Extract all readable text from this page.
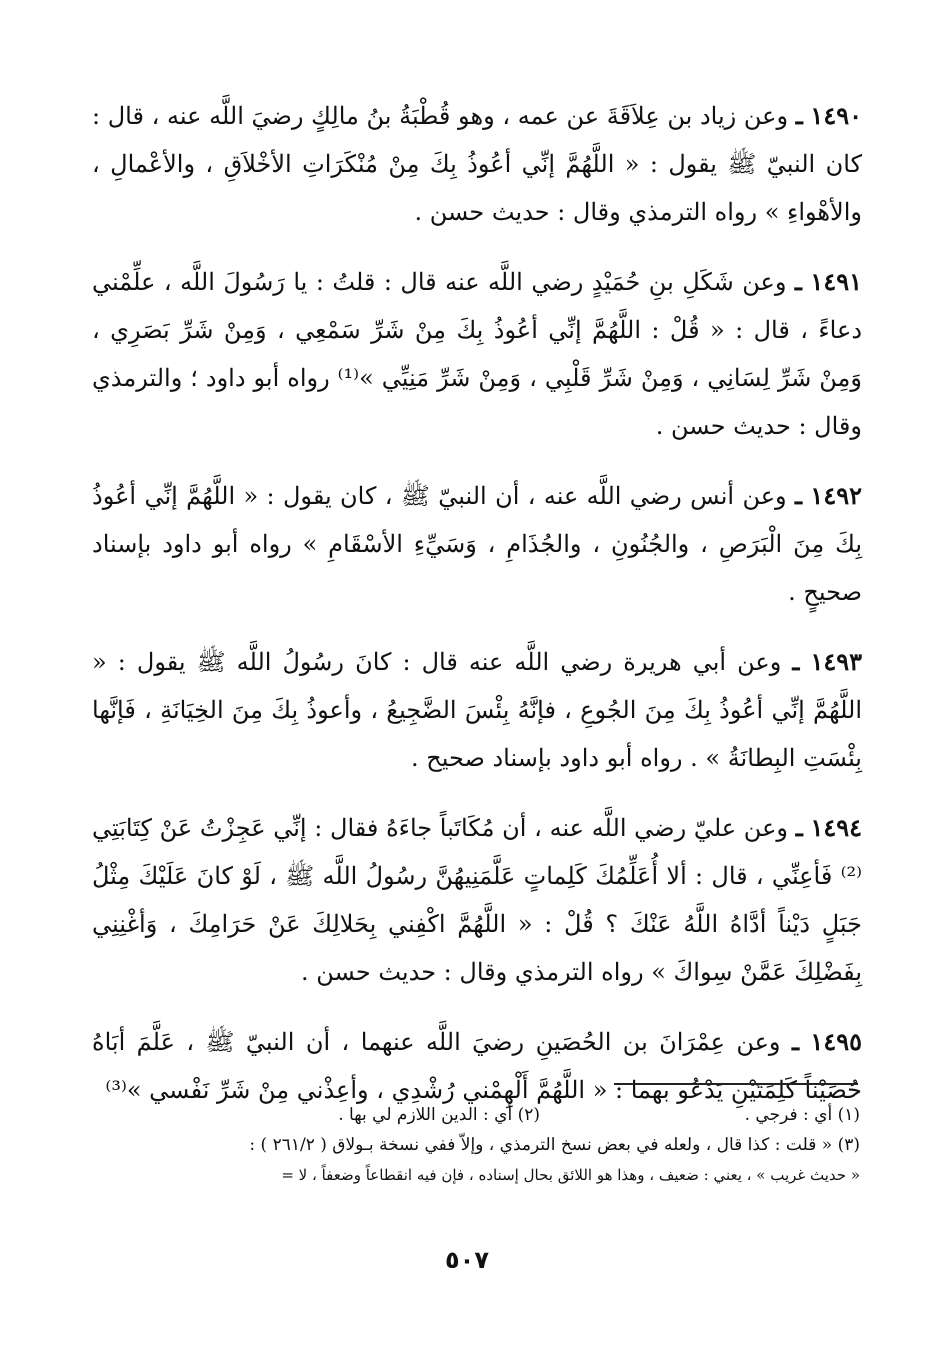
١٤٩٠ ـ وعن زياد بن عِلاَقَةَ عن عمه ، وهو قُطْبَةُ بنُ مالِكٍ رضيَ اللَّه عنه ، قال : كان النبيّ ﷺ يقول : « اللَّهُمَّ إنِّي أعُوذُ بِكَ مِنْ مُنْكَرَاتِ الأخْلاَقِ ، والأعْمالِ ، والأهْواءِ » رواه الترمذي وقال : حديث حسن .

١٤٩١ ـ وعن شَكَلِ بنِ حُمَيْدٍ رضي اللَّه عنه قال : قلتُ : يا رَسُولَ اللَّه ، علِّمْني دعاءً ، قال : « قُلْ : اللَّهُمَّ إنِّي أعُوذُ بِكَ مِنْ شَرِّ سَمْعِي ، وَمِنْ شَرِّ بَصَرِي ، وَمِنْ شَرِّ لِسَانِي ، وَمِنْ شَرِّ قَلْبِي ، وَمِنْ شَرِّ مَنِيِّي »⁽¹⁾ رواه أبو داود ؛ والترمذي وقال : حديث حسن .

١٤٩٢ ـ وعن أنس رضي اللَّه عنه ، أن النبيّ ﷺ ، كان يقول : « اللَّهُمَّ إنِّي أعُوذُ بِكَ مِنَ الْبَرَصِ ، والجُنُونِ ، والجُذَامِ ، وَسَيِّءِ الأسْقَامِ » رواه أبو داود بإسناد صحيحٍ .

١٤٩٣ ـ وعن أبي هريرة رضي اللَّه عنه قال : كانَ رسُولُ اللَّه ﷺ يقول : « اللَّهُمَّ إنِّي أعُوذُ بِكَ مِنَ الجُوعِ ، فإنَّهُ بِئْسَ الضَّجِيعُ ، وأعوذُ بِكَ مِنَ الخِيَانَةِ ، فَإنَّها بِئْسَتِ البِطانَةُ » . رواه أبو داود بإسناد صحيح .

١٤٩٤ ـ وعن عليّ رضي اللَّه عنه ، أن مُكَاتَباً جاءَهُ فقال : إنِّي عَجِزْتُ عَنْ كِتَابَتِي ⁽²⁾ فَأعِنِّي ، قال : ألا أُعَلِّمُكَ كَلِماتٍ عَلَّمَنِيهُنَّ رسُولُ اللَّه ﷺ ، لَوْ كانَ عَلَيْكَ مِثْلُ جَبَلٍ دَيْناً أدَّاهُ اللَّهُ عَنْكَ ؟ قُلْ : « اللَّهُمَّ اكْفِني بِحَلالِكَ عَنْ حَرَامِكَ ، وَأغْنِنِي بِفَضْلِكَ عَمَّنْ سِواكَ » رواه الترمذي وقال : حديث حسن .

١٤٩٥ ـ وعن عِمْرَانَ بن الحُصَينِ رضيَ اللَّه عنهما ، أن النبيّ ﷺ ، عَلَّمَ أبَاهُ حُصَيْناً كَلِمَتَيْنِ يَدْعُو بهما : « اللَّهُمَّ أَلْهِمْني رُشْدِي ، وأعِذْني مِنْ شَرِّ نَفْسي »⁽³⁾

(١) أي : فرجي .
(٢) أي : الدين اللازم لي بها .
(٣) « قلت : كذا قال ، ولعله في بعض نسخ الترمذي ، وإلاّ ففي نسخة بـولاق ( ٢٦١/٢ ) :
« حديث غريب » ، يعني : ضعيف ، وهذا هو اللائق بحال إسناده ، فإن فيه انقطاعاً وضعفاً ، لا =
٥٠٧
